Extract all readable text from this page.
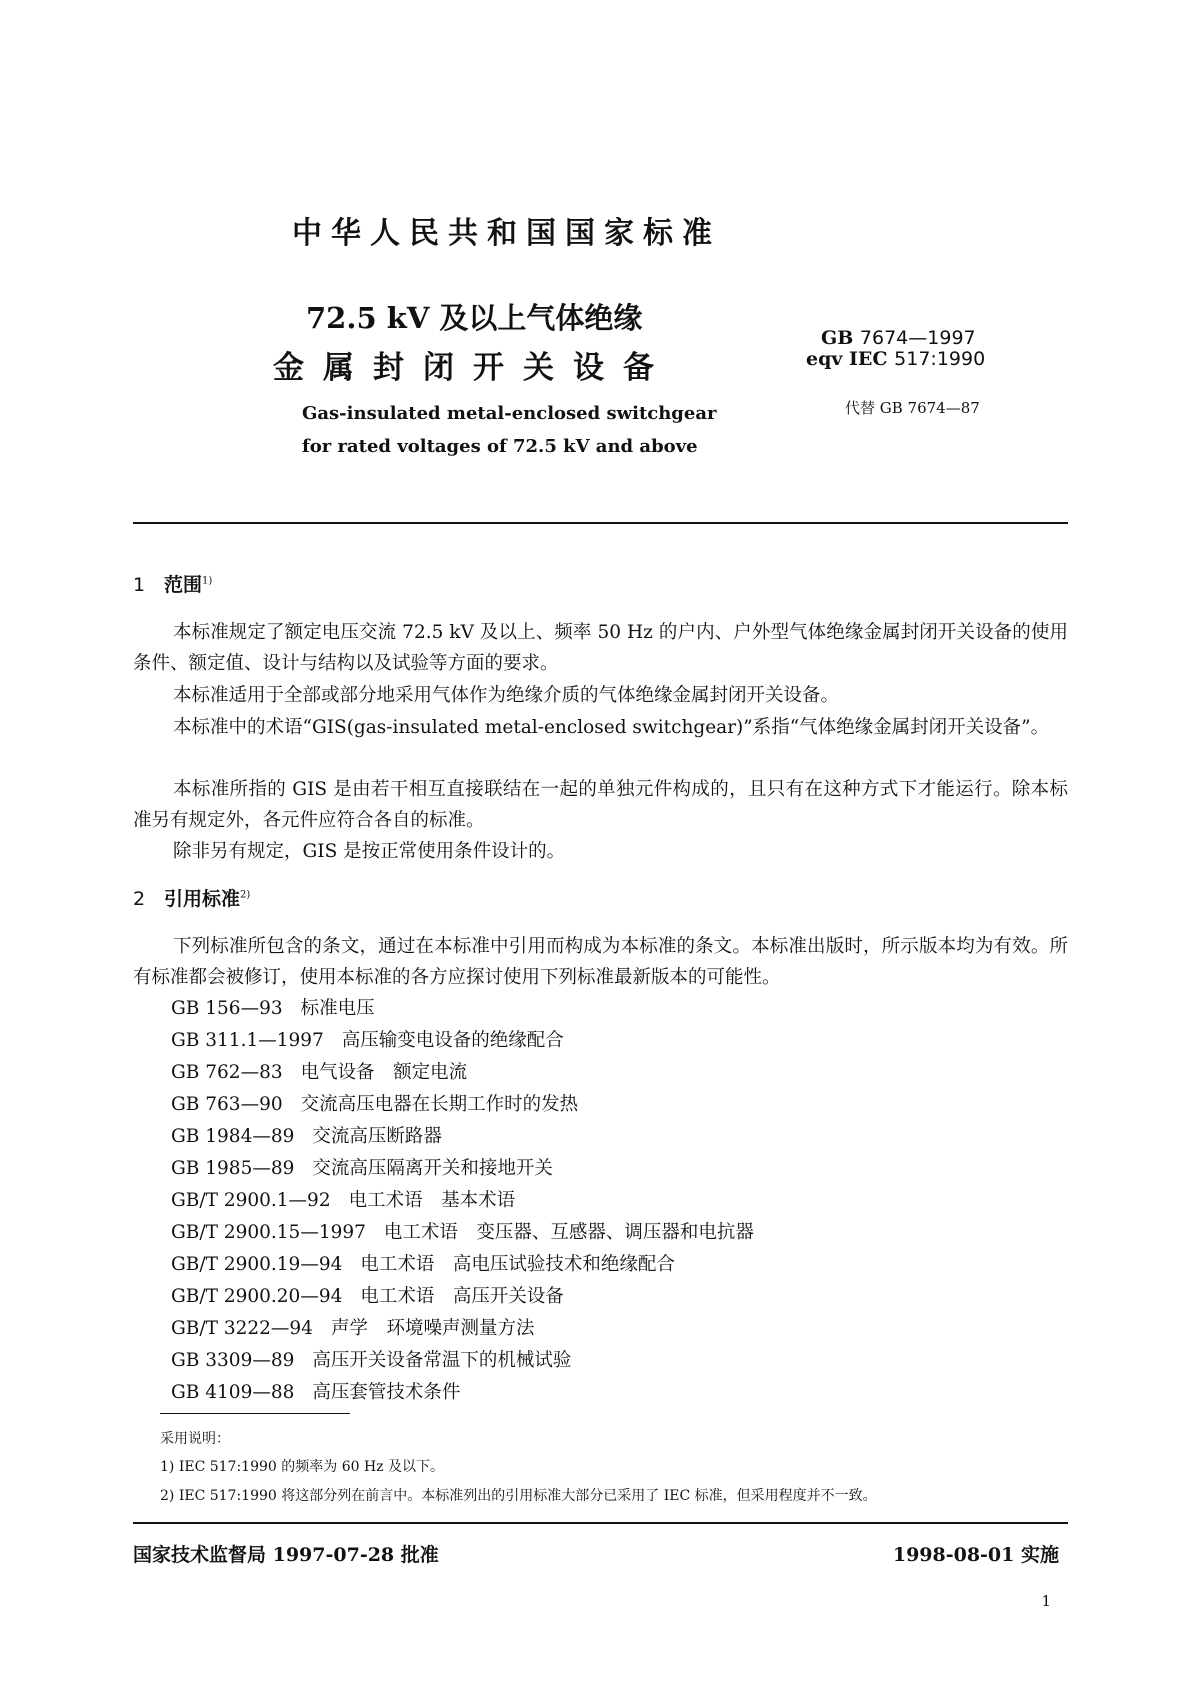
中华人民共和国国家标准
72.5 kV 及以上气体绝缘
金属封闭开关设备
Gas-insulated metal-enclosed switchgear
for rated voltages of 72.5 kV and above
GB 7674—1997
eqv IEC 517:1990
代替 GB 7674—87
1 范围$^{1)}$
本标准规定了额定电压交流 72.5 kV 及以上、频率 50 Hz 的户内、户外型气体绝缘金属封闭开关设备的使用条件、额定值、设计与结构以及试验等方面的要求。
本标准适用于全部或部分地采用气体作为绝缘介质的气体绝缘金属封闭开关设备。
本标准中的术语“GIS(gas-insulated metal-enclosed switchgear)”系指“气体绝缘金属封闭开关设备”。
本标准所指的 GIS 是由若干相互直接联结在一起的单独元件构成的，且只有在这种方式下才能运行。除本标准另有规定外，各元件应符合各自的标准。
除非另有规定，GIS 是按正常使用条件设计的。
2 引用标准$^{2)}$
下列标准所包含的条文，通过在本标准中引用而构成为本标准的条文。本标准出版时，所示版本均为有效。所有标准都会被修订，使用本标准的各方应探讨使用下列标准最新版本的可能性。
GB 156—93 标准电压
GB 311.1—1997 高压输变电设备的绝缘配合
GB 762—83 电气设备　额定电流
GB 763—90 交流高压电器在长期工作时的发热
GB 1984—89 交流高压断路器
GB 1985—89 交流高压隔离开关和接地开关
GB/T 2900.1—92 电工术语　基本术语
GB/T 2900.15—1997 电工术语　变压器、互感器、调压器和电抗器
GB/T 2900.19—94 电工术语　高电压试验技术和绝缘配合
GB/T 2900.20—94 电工术语　高压开关设备
GB/T 3222—94 声学　环境噪声测量方法
GB 3309—89 高压开关设备常温下的机械试验
GB 4109—88 高压套管技术条件
采用说明：
1) IEC 517:1990 的频率为 60 Hz 及以下。
2) IEC 517:1990 将这部分列在前言中。本标准列出的引用标准大部分已采用了 IEC 标准，但采用程度并不一致。
国家技术监督局 1997-07-28 批准	1998-08-01 实施
1
